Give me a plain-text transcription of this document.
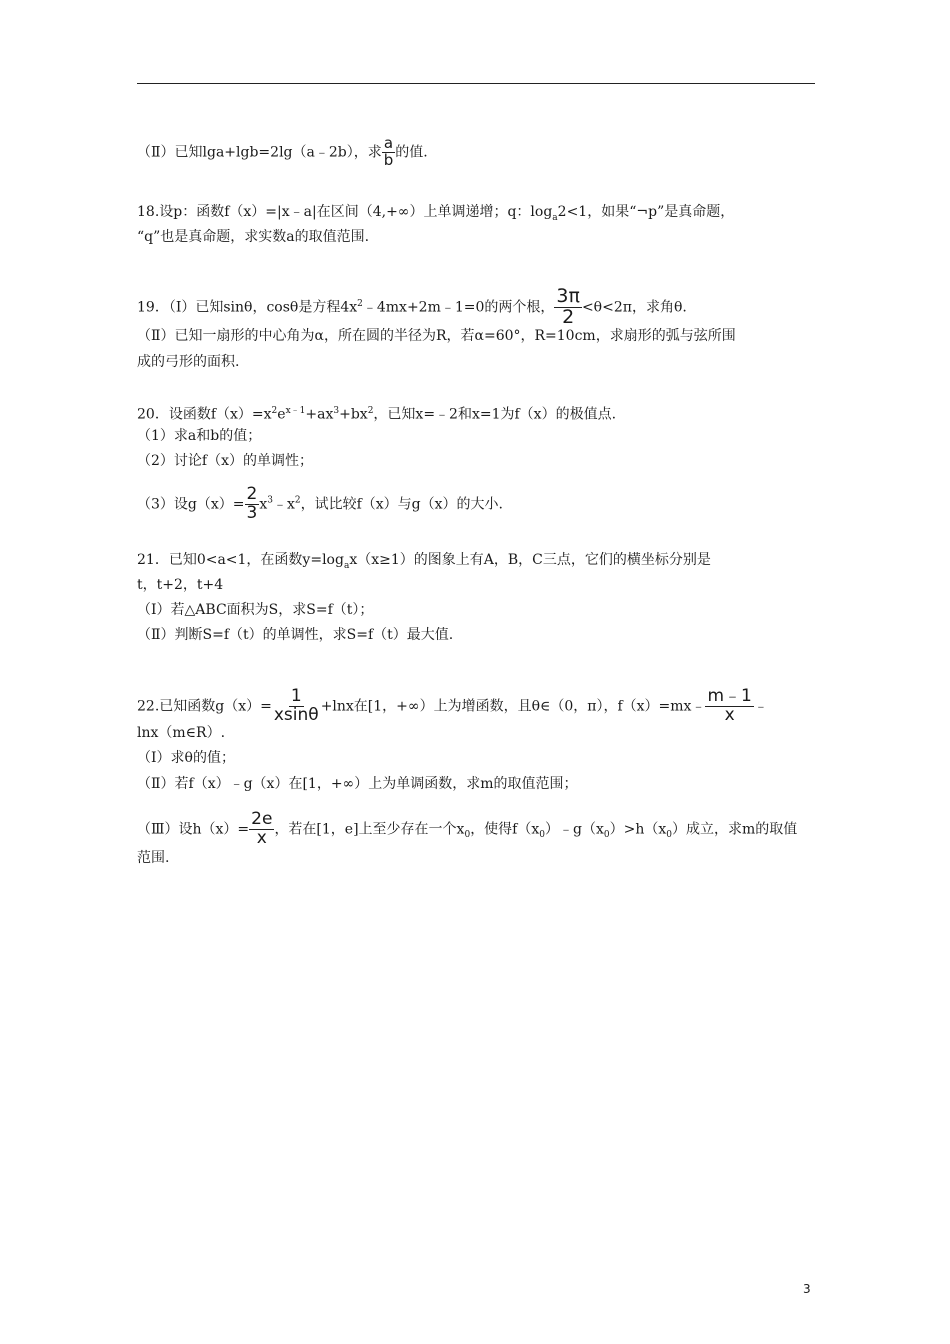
（Ⅱ）已知lga+lgb=2lg（a﹣2b），求 $\frac{a}{b}$ 的值.
18.设p：函数f（x）=|x﹣a|在区间（4,+∞）上单调递增；q：$\log_a2<1$，如果“¬p”是真命题，
“q”也是真命题，求实数a的取值范围.
19．（Ⅰ）已知sinθ，cosθ是方程$4x^2﹣4mx+2m﹣1=0$的两个根， $\frac{3\pi}{2} <\theta<2\pi$，求角θ.
（Ⅱ）已知一扇形的中心角为α，所在圆的半径为R，若α=60°，R=10cm，求扇形的弧与弦所围
成的弓形的面积.
20．设函数$f(x)=x^2e^{x﹣1}+ax^3+bx^2$，已知x=﹣2和x=1为f（x）的极值点.
（1）求a和b的值；
（2）讨论f（x）的单调性；
（3）设$g(x)= \frac{2}{3}$ $x^3﹣x^2$，试比较f（x）与g（x）的大小.
21．已知0<a<1，在函数$y=\log_ax(x\ge 1)$的图象上有A，B，C三点，它们的横坐标分别是
t，t+2，t+4
（Ⅰ）若△ABC面积为S，求S=f（t）；
（Ⅱ）判断S=f（t）的单调性，求S=f（t）最大值.
22.已知函数$g(x)= \frac{1}{xsin\theta} +\ln x$在[1，+∞）上为增函数，且θ∈（0，π），f（x）=mx﹣ $\frac{m﹣1}{x}$ ﹣
lnx（m∈R）.
（Ⅰ）求θ的值；
（Ⅱ）若f（x）﹣g（x）在[1，+∞）上为单调函数，求m的取值范围；
（Ⅲ）设$h(x)= \frac{2e}{x}$ ，若在[1，e]上至少存在一个$x_0$，使得$f(x_0)﹣g(x_0)>h(x_0)$成立，求m的取值
范围.
3
